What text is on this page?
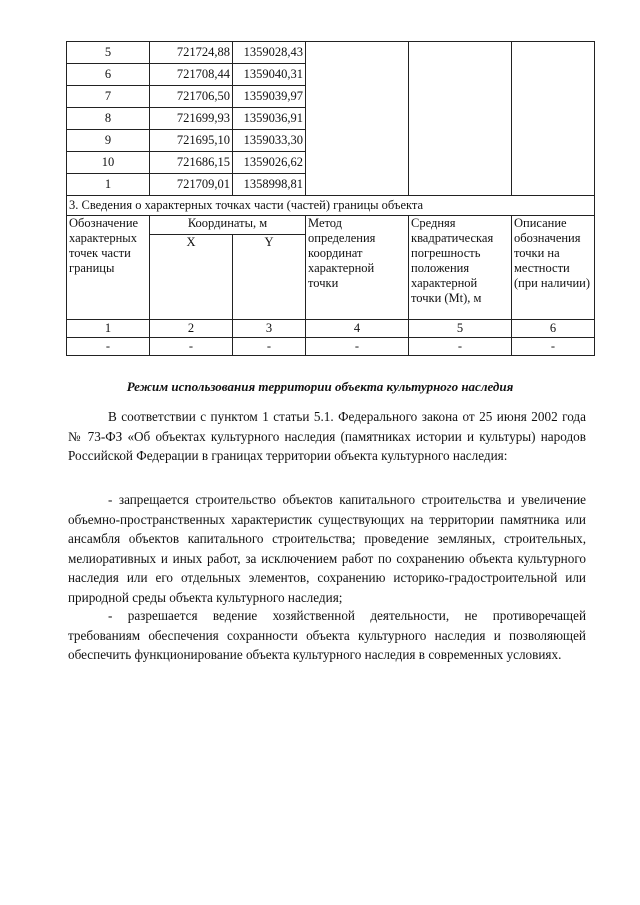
5	721724,88	1359028,43			
6	721708,44	1359040,31			
7	721706,50	1359039,97			
8	721699,93	1359036,91			
9	721695,10	1359033,30			
10	721686,15	1359026,62			
1	721709,01	1358998,81			
3. Сведения о характерных точках части (частей) границы объекта					
Обозначение характерных точек части границы	Координаты, м		Метод определения координат характерной точки	Средняя квадратическая погрешность положения характерной точки (Mt), м	Описание обозначения точки на местности (при наличии)
	X	Y			
1	2	3	4	5	6
-	-	-	-	-	-
Режим использования территории объекта культурного наследия

В соответствии с пунктом 1 статьи 5.1. Федерального закона от 25 июня 2002 года № 73-ФЗ «Об объектах культурного наследия (памятниках истории и культуры) народов Российской Федерации в границах территории объекта культурного наследия:

- запрещается строительство объектов капитального строительства и увеличение объемно-пространственных характеристик существующих на территории памятника или ансамбля объектов капитального строительства; проведение земляных, строительных, мелиоративных и иных работ, за исключением работ по сохранению объекта культурного наследия или его отдельных элементов, сохранению историко-градостроительной или природной среды объекта культурного наследия;

- разрешается ведение хозяйственной деятельности, не противоречащей требованиям обеспечения сохранности объекта культурного наследия и позволяющей обеспечить функционирование объекта культурного наследия в современных условиях.
